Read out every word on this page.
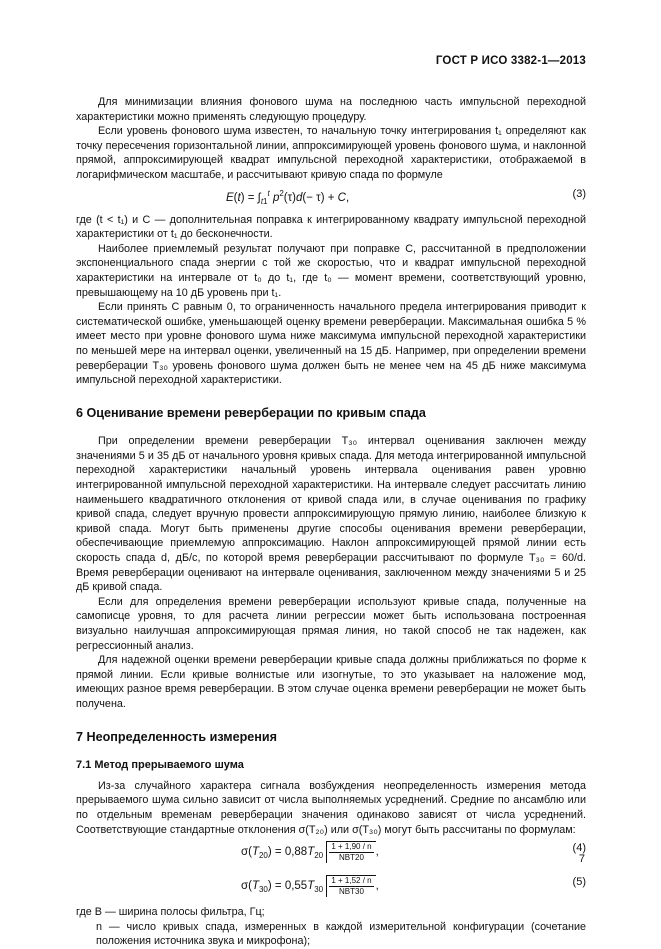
ГОСТ Р ИСО 3382-1—2013

Для минимизации влияния фонового шума на последнюю часть импульсной переходной характеристики можно применять следующую процедуру.

Если уровень фонового шума известен, то начальную точку интегрирования t₁ определяют как точку пересечения горизонтальной линии, аппроксимирующей уровень фонового шума, и наклонной прямой, аппроксимирующей квадрат импульсной переходной характеристики, отображаемой в логарифмическом масштабе, и рассчитывают кривую спада по формуле

$E(t) = \int_{t1}^t$ $p^2(\tau)d(- \tau) + C$,	(3)

где (t < t₁) и C — дополнительная поправка к интегрированному квадрату импульсной переходной характеристики от t₁ до бесконечности.

Наиболее приемлемый результат получают при поправке C, рассчитанной в предположении экспоненциального спада энергии с той же скоростью, что и квадрат импульсной переходной характеристики на интервале от t₀ до t₁, где t₀ — момент времени, соответствующий уровню, превышающему на 10 дБ уровень при t₁.

Если принять C равным 0, то ограниченность начального предела интегрирования приводит к систематической ошибке, уменьшающей оценку времени реверберации. Максимальная ошибка 5 % имеет место при уровне фонового шума ниже максимума импульсной переходной характеристики по меньшей мере на интервал оценки, увеличенный на 15 дБ. Например, при определении времени реверберации T₃₀ уровень фонового шума должен быть не менее чем на 45 дБ ниже максимума импульсной переходной характеристики.

6 Оценивание времени реверберации по кривым спада

При определении времени реверберации T₃₀ интервал оценивания заключен между значениями 5 и 35 дБ от начального уровня кривых спада. Для метода интегрированной импульсной переходной характеристики начальный уровень интервала оценивания равен уровню интегрированной импульсной переходной характеристики. На интервале следует рассчитать линию наименьшего квадратичного отклонения от кривой спада или, в случае оценивания по графику кривой спада, следует вручную провести аппроксимирующую прямую линию, наиболее близкую к кривой спада. Могут быть применены другие способы оценивания времени реверберации, обеспечивающие приемлемую аппроксимацию. Наклон аппроксимирующей прямой линии есть скорость спада d, дБ/с, по которой время реверберации рассчитывают по формуле T₃₀ = 60/d. Время реверберации оценивают на интервале оценивания, заключенном между значениями 5 и 25 дБ кривой спада.

Если для определения времени реверберации используют кривые спада, полученные на самописце уровня, то для расчета линии регрессии может быть использована построенная визуально наилучшая аппроксимирующая прямая линия, но такой способ не так надежен, как регрессионный анализ.

Для надежной оценки времени реверберации кривые спада должны приближаться по форме к прямой линии. Если кривые волнистые или изогнутые, то это указывает на наложение мод, имеющих разное время реверберации. В этом случае оценка времени реверберации не может быть получена.

7 Неопределенность измерения

7.1 Метод прерываемого шума

Из-за случайного характера сигнала возбуждения неопределенность измерения метода прерываемого шума сильно зависит от числа выполняемых усреднений. Средние по ансамблю или по отдельным временам реверберации значения одинаково зависят от числа усреднений. Соответствующие стандартные отклонения σ(T₂₀) или σ(T₃₀) могут быть рассчитаны по формулам:

$\sigma(T_{20}) = 0,88T_{20}$
1 + 1,90 / n
NBT20	,	(4)
$\sigma(T_{30}) = 0,55T_{30}$
1 + 1,52 / n
NBT30	,	(5)

где B — ширина полосы фильтра, Гц;

n — число кривых спада, измеренных в каждой измерительной конфигурации (сочетание положения источника звука и микрофона);

7
